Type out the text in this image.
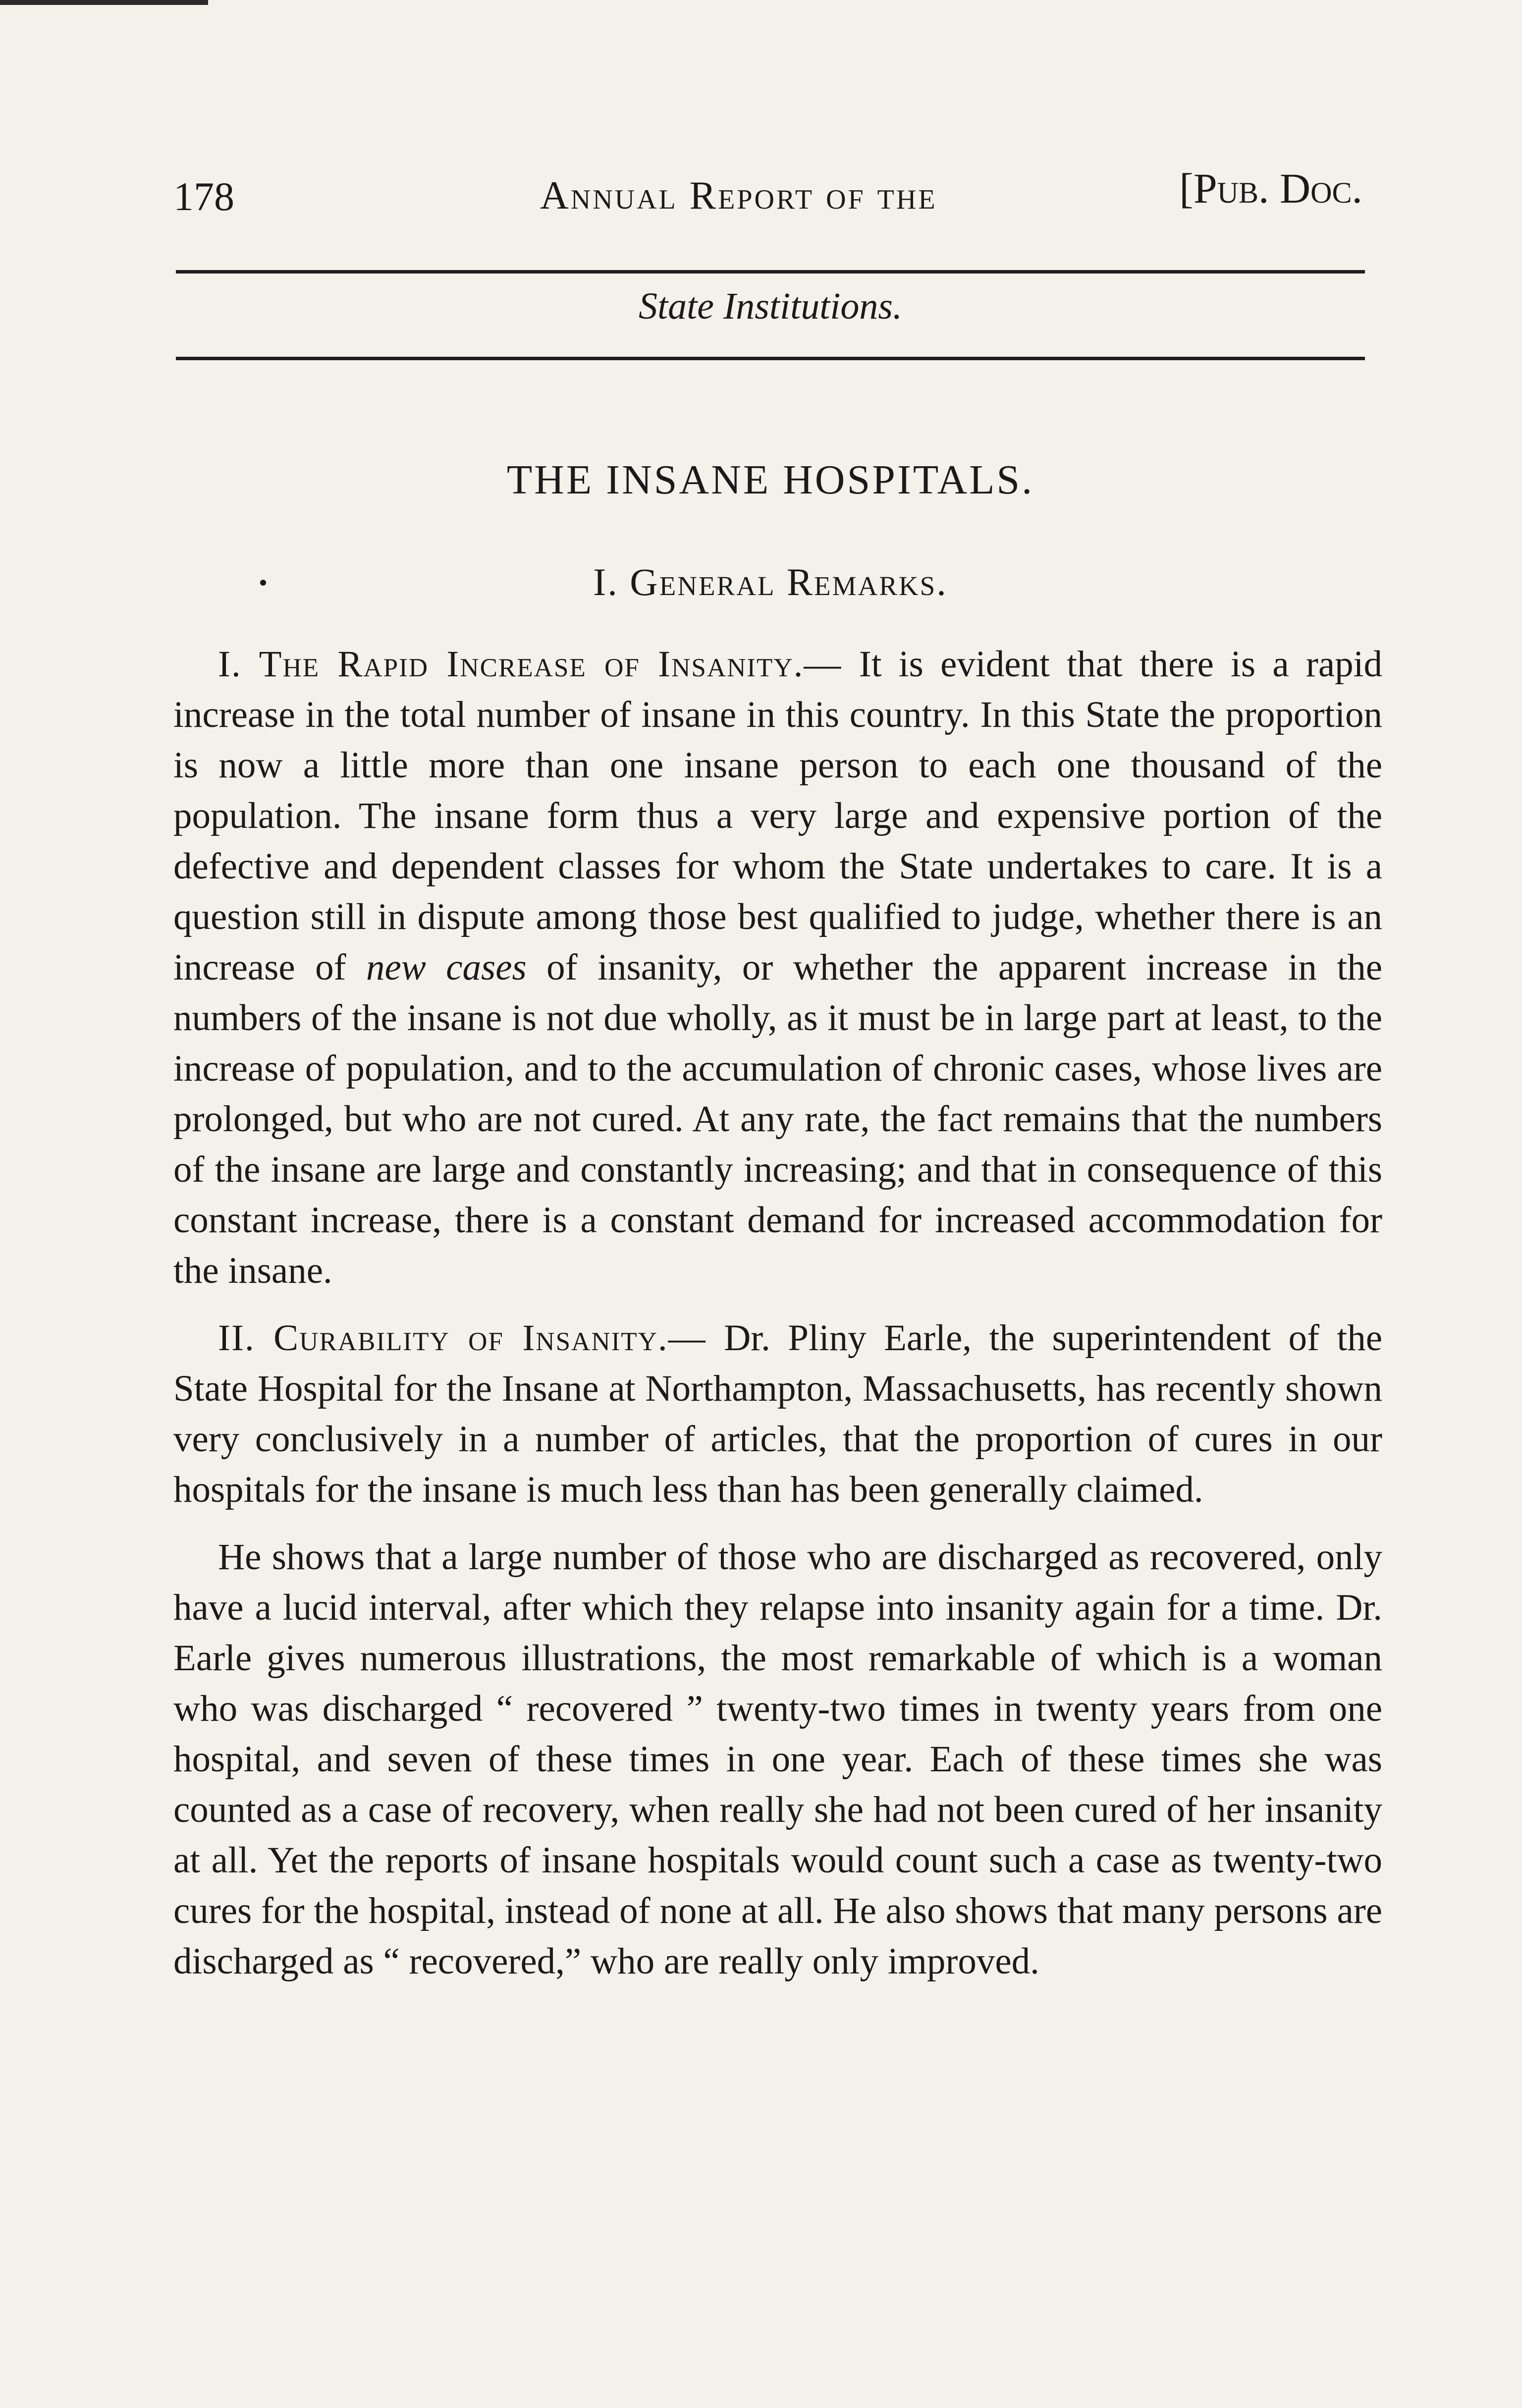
178	Annual Report of the	[Pub. Doc.
State Institutions.
THE INSANE HOSPITALS.
I. General Remarks.

I. The Rapid Increase of Insanity.— It is evident that there is a rapid increase in the total number of insane in this country. In this State the proportion is now a little more than one insane person to each one thousand of the population. The insane form thus a very large and expensive portion of the defective and dependent classes for whom the State undertakes to care. It is a question still in dispute among those best qualified to judge, whether there is an increase of new cases of insanity, or whether the apparent increase in the numbers of the insane is not due wholly, as it must be in large part at least, to the increase of population, and to the accumulation of chronic cases, whose lives are prolonged, but who are not cured. At any rate, the fact remains that the numbers of the insane are large and constantly increasing; and that in consequence of this constant increase, there is a constant demand for increased accommodation for the insane.

II. Curability of Insanity.— Dr. Pliny Earle, the superintendent of the State Hospital for the Insane at Northampton, Massachusetts, has recently shown very conclusively in a number of articles, that the proportion of cures in our hospitals for the insane is much less than has been generally claimed.

He shows that a large number of those who are discharged as recovered, only have a lucid interval, after which they relapse into insanity again for a time. Dr. Earle gives numerous illustrations, the most remarkable of which is a woman who was discharged “ recovered ” twenty-two times in twenty years from one hospital, and seven of these times in one year. Each of these times she was counted as a case of recovery, when really she had not been cured of her insanity at all. Yet the reports of insane hospitals would count such a case as twenty-two cures for the hospital, instead of none at all. He also shows that many persons are discharged as “ recovered,” who are really only improved.
